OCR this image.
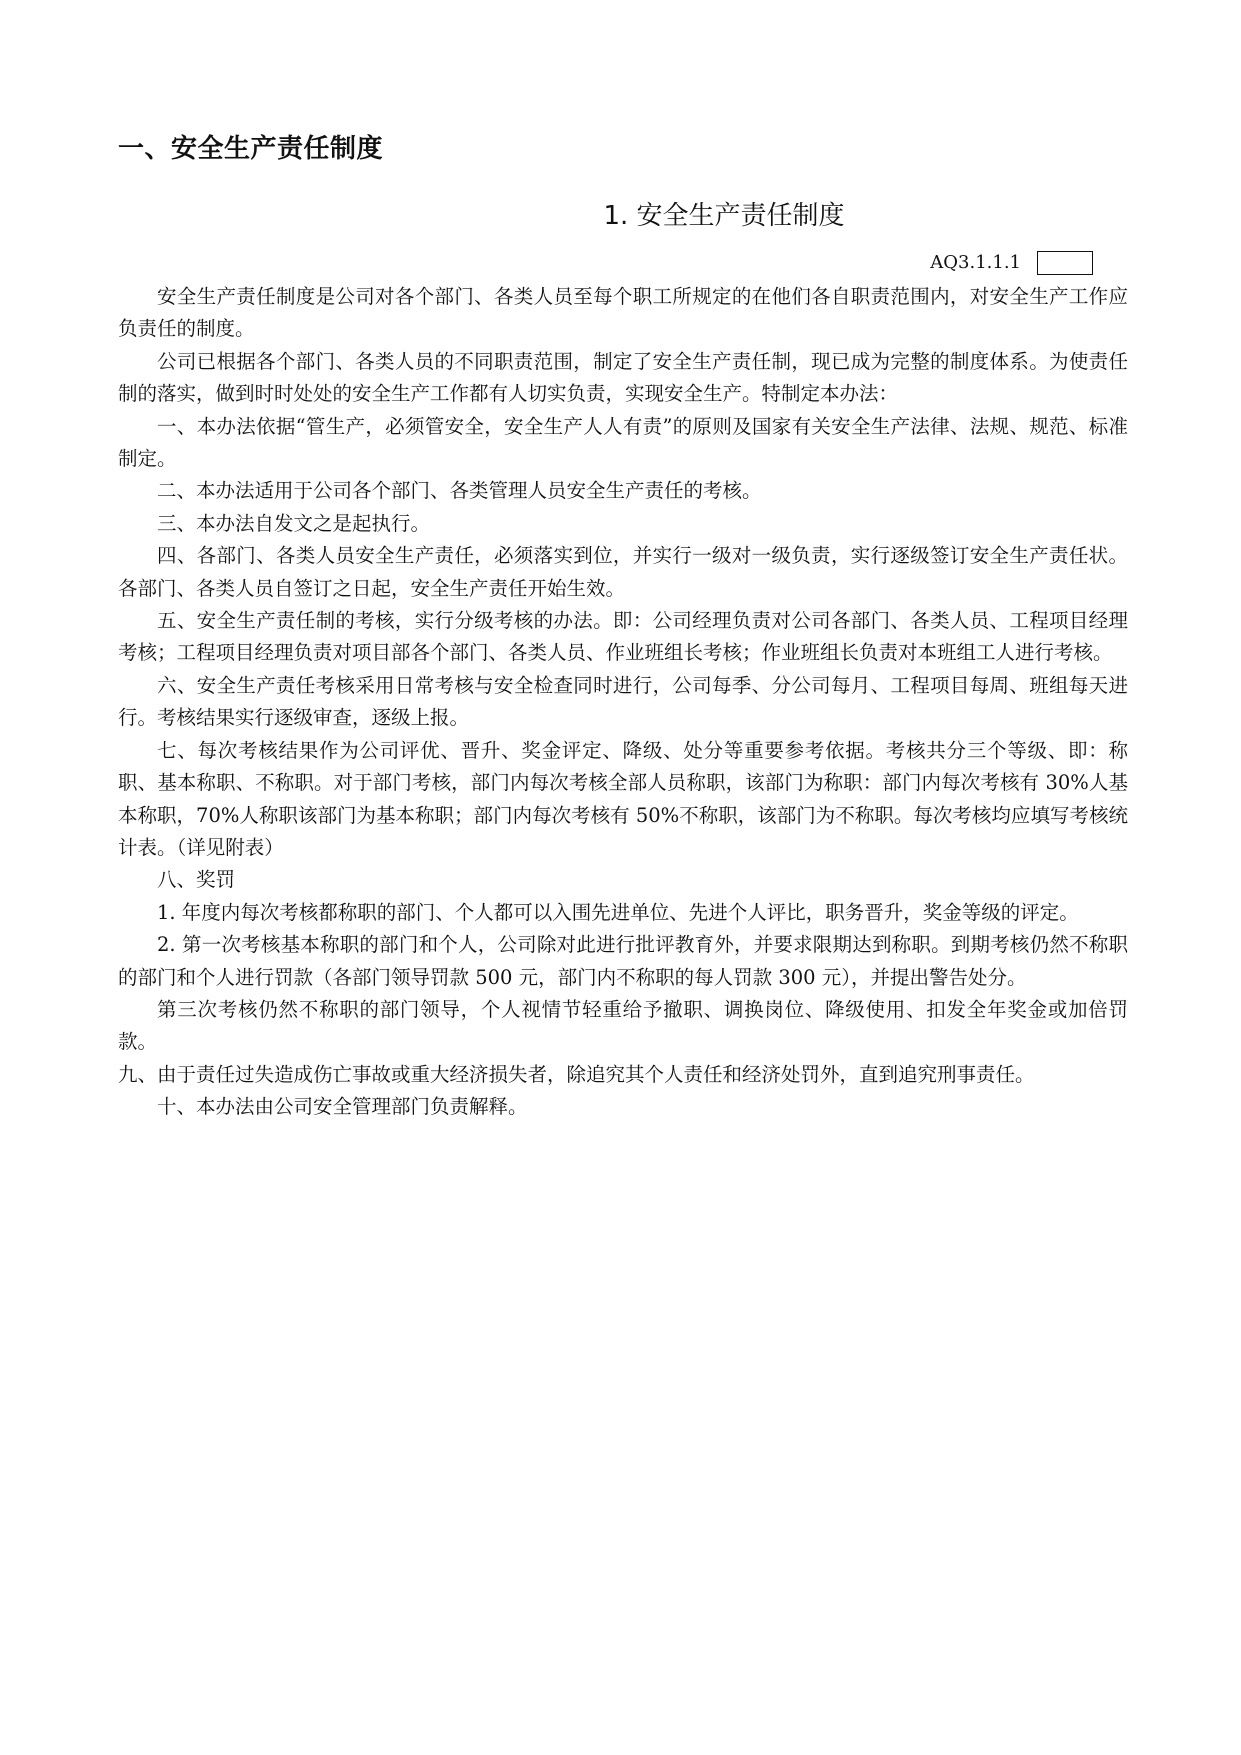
一、安全生产责任制度
1. 安全生产责任制度
AQ3.1.1.1

安全生产责任制度是公司对各个部门、各类人员至每个职工所规定的在他们各自职责范围内，对安全生产工作应负责任的制度。

公司已根据各个部门、各类人员的不同职责范围，制定了安全生产责任制，现已成为完整的制度体系。为使责任制的落实，做到时时处处的安全生产工作都有人切实负责，实现安全生产。特制定本办法：

一、本办法依据“管生产，必须管安全，安全生产人人有责”的原则及国家有关安全生产法律、法规、规范、标准制定。

二、本办法适用于公司各个部门、各类管理人员安全生产责任的考核。

三、本办法自发文之是起执行。

四、各部门、各类人员安全生产责任，必须落实到位，并实行一级对一级负责，实行逐级签订安全生产责任状。各部门、各类人员自签订之日起，安全生产责任开始生效。

五、安全生产责任制的考核，实行分级考核的办法。即：公司经理负责对公司各部门、各类人员、工程项目经理考核；工程项目经理负责对项目部各个部门、各类人员、作业班组长考核；作业班组长负责对本班组工人进行考核。

六、安全生产责任考核采用日常考核与安全检查同时进行，公司每季、分公司每月、工程项目每周、班组每天进行。考核结果实行逐级审查，逐级上报。

七、每次考核结果作为公司评优、晋升、奖金评定、降级、处分等重要参考依据。考核共分三个等级、即：称职、基本称职、不称职。对于部门考核，部门内每次考核全部人员称职，该部门为称职：部门内每次考核有 30%人基本称职，70%人称职该部门为基本称职；部门内每次考核有 50%不称职，该部门为不称职。每次考核均应填写考核统计表。（详见附表）

八、奖罚

1. 年度内每次考核都称职的部门、个人都可以入围先进单位、先进个人评比，职务晋升，奖金等级的评定。

2. 第一次考核基本称职的部门和个人，公司除对此进行批评教育外，并要求限期达到称职。到期考核仍然不称职的部门和个人进行罚款（各部门领导罚款 500 元，部门内不称职的每人罚款 300 元），并提出警告处分。

第三次考核仍然不称职的部门领导，个人视情节轻重给予撤职、调换岗位、降级使用、扣发全年奖金或加倍罚款。

九、由于责任过失造成伤亡事故或重大经济损失者，除追究其个人责任和经济处罚外，直到追究刑事责任。

十、本办法由公司安全管理部门负责解释。
